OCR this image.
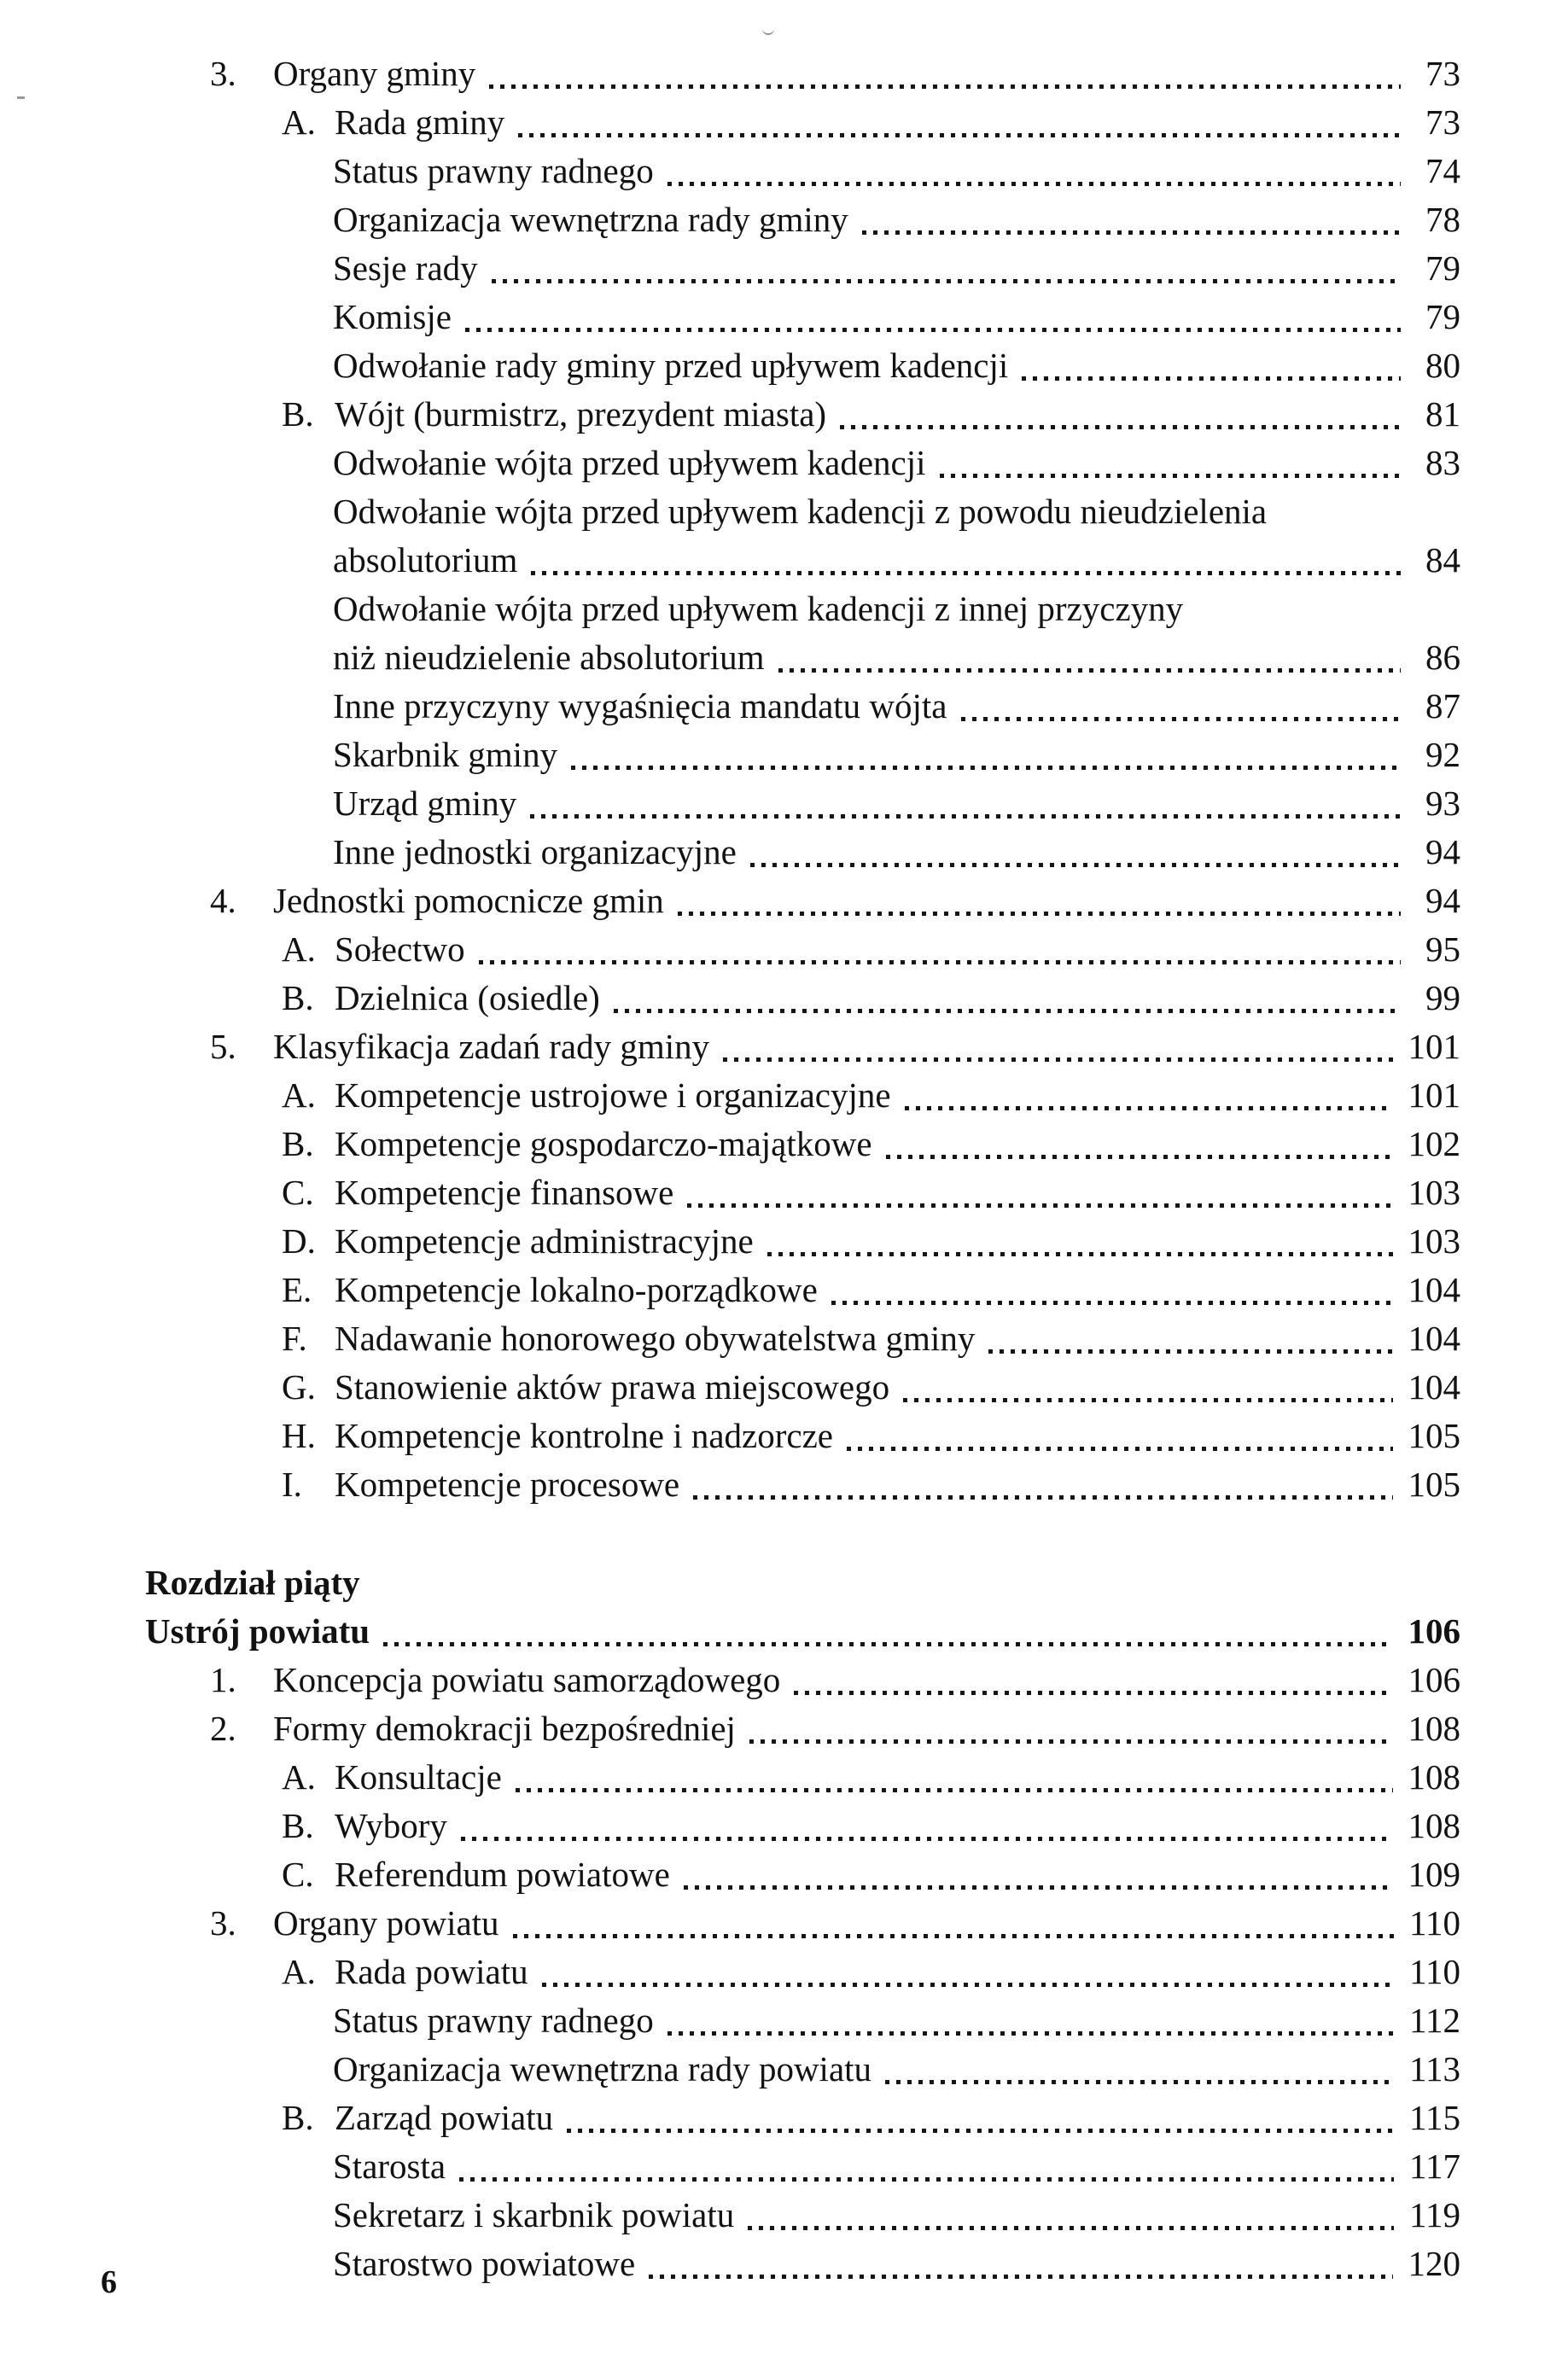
3.	Organy gminy	73
A. Rada gminy	73
Status prawny radnego	74
Organizacja wewnętrzna rady gminy	78
Sesje rady	79
Komisje	79
Odwołanie rady gminy przed upływem kadencji	80
B. Wójt (burmistrz, prezydent miasta)	81
Odwołanie wójta przed upływem kadencji	83
Odwołanie wójta przed upływem kadencji z powodu nieudzielenia
absolutorium	84
Odwołanie wójta przed upływem kadencji z innej przyczyny
niż nieudzielenie absolutorium	86
Inne przyczyny wygaśnięcia mandatu wójta	87
Skarbnik gminy	92
Urząd gminy	93
Inne jednostki organizacyjne	94
4.	Jednostki pomocnicze gmin	94
A. Sołectwo	95
B. Dzielnica (osiedle)	99
5.	Klasyfikacja zadań rady gminy	101
A. Kompetencje ustrojowe i organizacyjne	101
B. Kompetencje gospodarczo-majątkowe	102
C. Kompetencje finansowe	103
D. Kompetencje administracyjne	103
E. Kompetencje lokalno-porządkowe	104
F. Nadawanie honorowego obywatelstwa gminy	104
G. Stanowienie aktów prawa miejscowego	104
H. Kompetencje kontrolne i nadzorcze	105
I. Kompetencje procesowe	105
Rozdział piąty
Ustrój powiatu	106
1.	Koncepcja powiatu samorządowego	106
2.	Formy demokracji bezpośredniej	108
A. Konsultacje	108
B. Wybory	108
C. Referendum powiatowe	109
3.	Organy powiatu	110
A. Rada powiatu	110
Status prawny radnego	112
Organizacja wewnętrzna rady powiatu	113
B. Zarząd powiatu	115
Starosta	117
Sekretarz i skarbnik powiatu	119
Starostwo powiatowe	120
6
